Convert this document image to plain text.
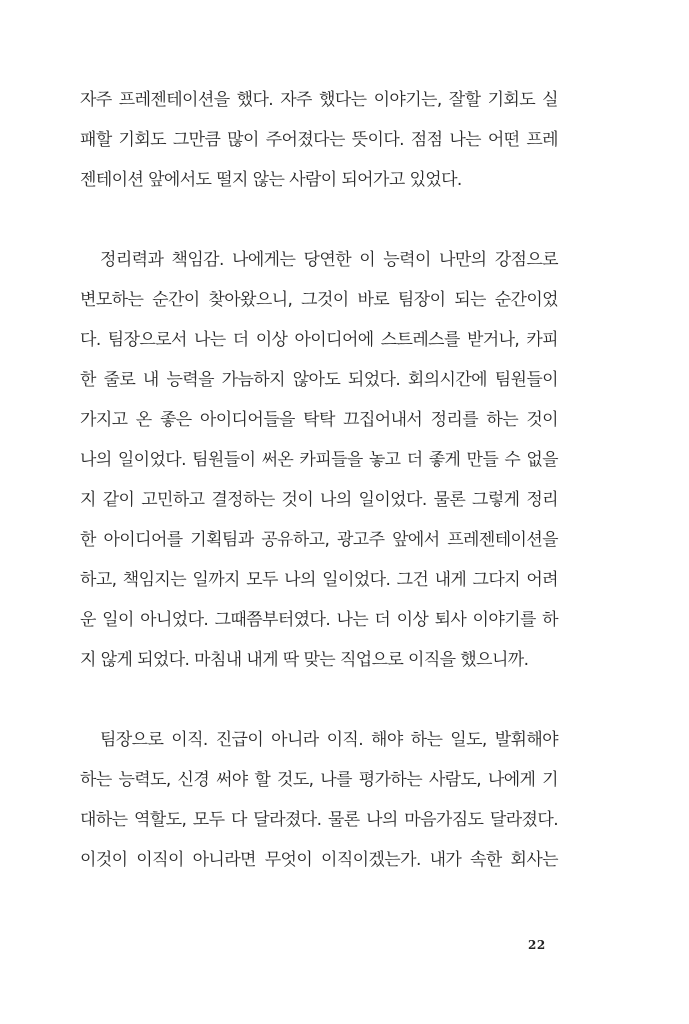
자주 프레젠테이션을 했다. 자주 했다는 이야기는, 잘할 기회도 실
패할 기회도 그만큼 많이 주어졌다는 뜻이다. 점점 나는 어떤 프레
젠테이션 앞에서도 떨지 않는 사람이 되어가고 있었다.
정리력과 책임감. 나에게는 당연한 이 능력이 나만의 강점으로
변모하는 순간이 찾아왔으니, 그것이 바로 팀장이 되는 순간이었
다. 팀장으로서 나는 더 이상 아이디어에 스트레스를 받거나, 카피
한 줄로 내 능력을 가늠하지 않아도 되었다. 회의시간에 팀원들이
가지고 온 좋은 아이디어들을 탁탁 끄집어내서 정리를 하는 것이
나의 일이었다. 팀원들이 써온 카피들을 놓고 더 좋게 만들 수 없을
지 같이 고민하고 결정하는 것이 나의 일이었다. 물론 그렇게 정리
한 아이디어를 기획팀과 공유하고, 광고주 앞에서 프레젠테이션을
하고, 책임지는 일까지 모두 나의 일이었다. 그건 내게 그다지 어려
운 일이 아니었다. 그때쯤부터였다. 나는 더 이상 퇴사 이야기를 하
지 않게 되었다. 마침내 내게 딱 맞는 직업으로 이직을 했으니까.
팀장으로 이직. 진급이 아니라 이직. 해야 하는 일도, 발휘해야
하는 능력도, 신경 써야 할 것도, 나를 평가하는 사람도, 나에게 기
대하는 역할도, 모두 다 달라졌다. 물론 나의 마음가짐도 달라졌다.
이것이 이직이 아니라면 무엇이 이직이겠는가. 내가 속한 회사는
22
